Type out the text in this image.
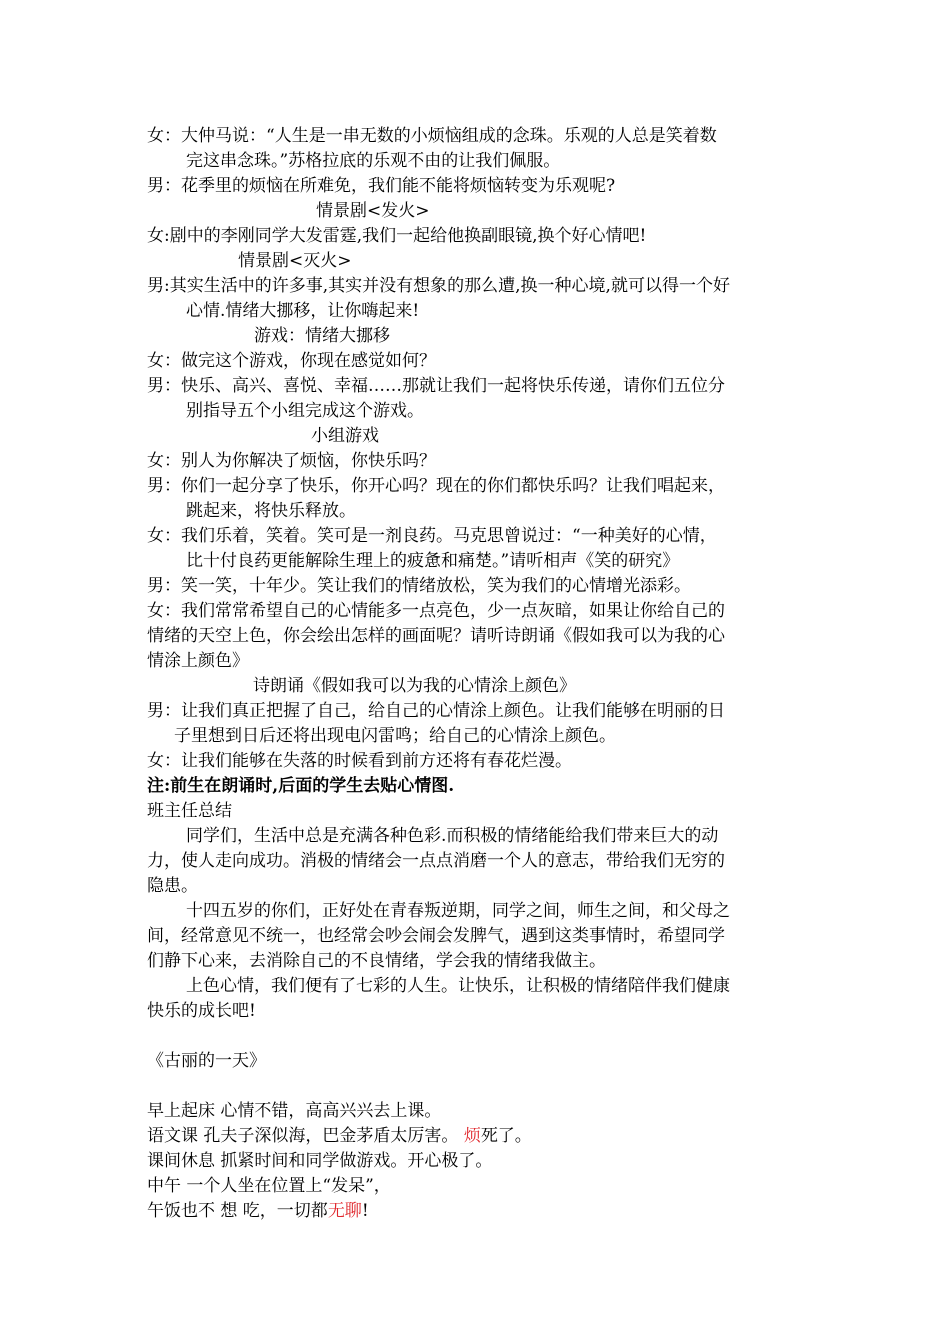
女：大仲马说：“人生是一串无数的小烦恼组成的念珠。乐观的人总是笑着数
完这串念珠。”苏格拉底的乐观不由的让我们佩服。
男：花季里的烦恼在所难免，我们能不能将烦恼转变为乐观呢?
情景剧<发火>
女:剧中的李刚同学大发雷霆,我们一起给他换副眼镜,换个好心情吧!
情景剧<灭火>
男:其实生活中的许多事,其实并没有想象的那么遭,换一种心境,就可以得一个好
心情.情绪大挪移，让你嗨起来!
游戏：情绪大挪移
女：做完这个游戏，你现在感觉如何？
男：快乐、高兴、喜悦、幸福……那就让我们一起将快乐传递，请你们五位分
别指导五个小组完成这个游戏。
小组游戏
女：别人为你解决了烦恼，你快乐吗？
男：你们一起分享了快乐，你开心吗？现在的你们都快乐吗？让我们唱起来，
跳起来，将快乐释放。
女：我们乐着，笑着。笑可是一剂良药。马克思曾说过：“一种美好的心情，
比十付良药更能解除生理上的疲惫和痛楚。”请听相声《笑的研究》
男：笑一笑，十年少。笑让我们的情绪放松，笑为我们的心情增光添彩。
女：我们常常希望自己的心情能多一点亮色，少一点灰暗，如果让你给自己的
情绪的天空上色，你会绘出怎样的画面呢？请听诗朗诵《假如我可以为我的心
情涂上颜色》
诗朗诵《假如我可以为我的心情涂上颜色》
男：让我们真正把握了自己，给自己的心情涂上颜色。让我们能够在明丽的日
子里想到日后还将出现电闪雷鸣；给自己的心情涂上颜色。
女：让我们能够在失落的时候看到前方还将有春花烂漫。
注:前生在朗诵时,后面的学生去贴心情图.
班主任总结
同学们，生活中总是充满各种色彩.而积极的情绪能给我们带来巨大的动
力，使人走向成功。消极的情绪会一点点消磨一个人的意志，带给我们无穷的
隐患。
十四五岁的你们，正好处在青春叛逆期，同学之间，师生之间，和父母之
间，经常意见不统一，也经常会吵会闹会发脾气，遇到这类事情时，希望同学
们静下心来，去消除自己的不良情绪，学会我的情绪我做主。
上色心情，我们便有了七彩的人生。让快乐，让积极的情绪陪伴我们健康
快乐的成长吧!
《古丽的一天》
早上起床 心情不错，高高兴兴去上课。
语文课 孔夫子深似海，巴金茅盾太厉害。 烦死了。
课间休息 抓紧时间和同学做游戏。开心极了。
中午 一个人坐在位置上“发呆”，
午饭也不 想 吃，一切都无聊!
